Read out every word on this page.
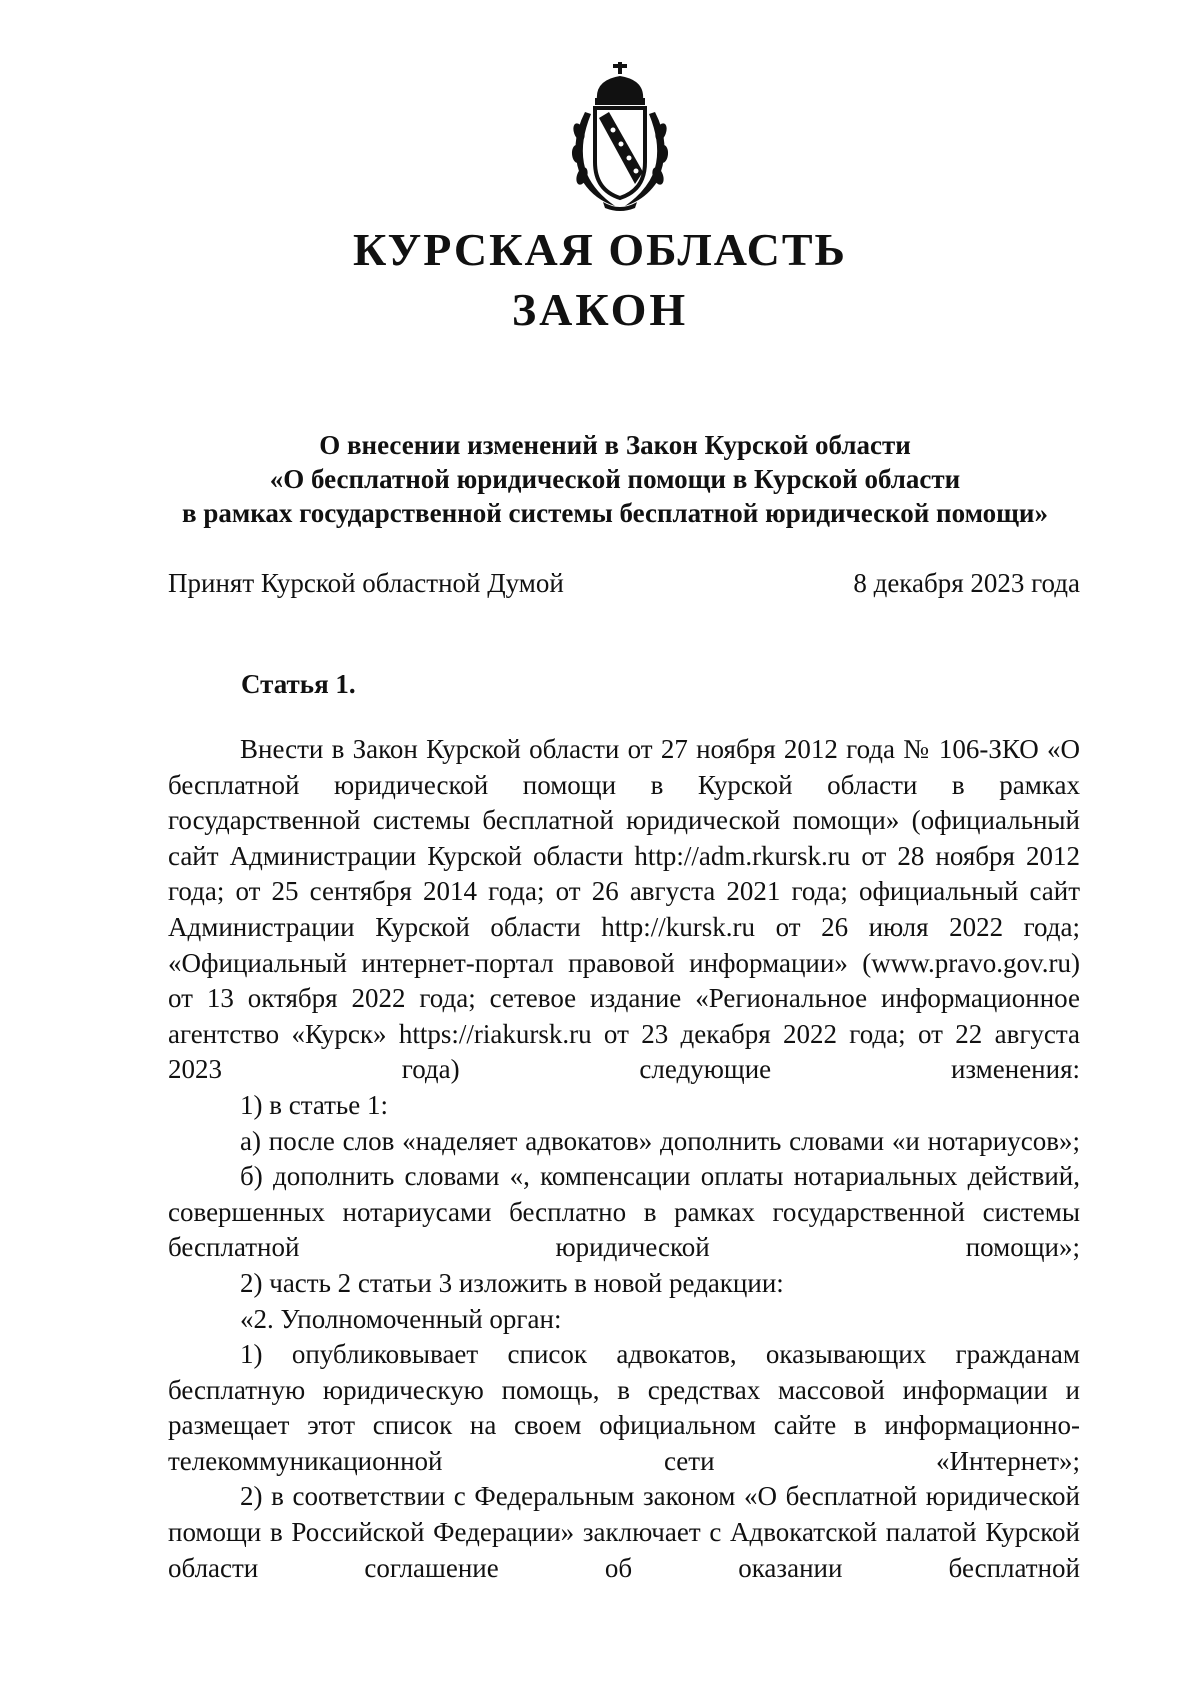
КУРСКАЯ ОБЛАСТЬ
ЗАКОН
О внесении изменений в Закон Курской области
«О бесплатной юридической помощи в Курской области
в рамках государственной системы бесплатной юридической помощи»
Принят Курской областной Думой	8 декабря 2023 года
Статья 1.

Внести в Закон Курской области от 27 ноября 2012 года № 106-ЗКО «О бесплатной юридической помощи в Курской области в рамках государственной системы бесплатной юридической помощи» (официальный сайт Администрации Курской области http://adm.rkursk.ru от 28 ноября 2012 года; от 25 сентября 2014 года; от 26 августа 2021 года; официальный сайт Администрации Курской области http://kursk.ru от 26 июля 2022 года; «Официальный интернет-портал правовой информации» (www.pravo.gov.ru) от 13 октября 2022 года; сетевое издание «Региональное информационное агентство «Курск» https://riakursk.ru от 23 декабря 2022 года; от 22 августа 2023 года) следующие изменения:

1) в статье 1:

а) после слов «наделяет адвокатов» дополнить словами «и нотариусов»;

б) дополнить словами «, компенсации оплаты нотариальных действий, совершенных нотариусами бесплатно в рамках государственной системы бесплатной юридической помощи»;

2) часть 2 статьи 3 изложить в новой редакции:

«2. Уполномоченный орган:

1) опубликовывает список адвокатов, оказывающих гражданам бесплатную юридическую помощь, в средствах массовой информации и размещает этот список на своем официальном сайте в информационно-телекоммуникационной сети «Интернет»;

2) в соответствии с Федеральным законом «О бесплатной юридической помощи в Российской Федерации» заключает с Адвокатской палатой Курской области соглашение об оказании бесплатной
